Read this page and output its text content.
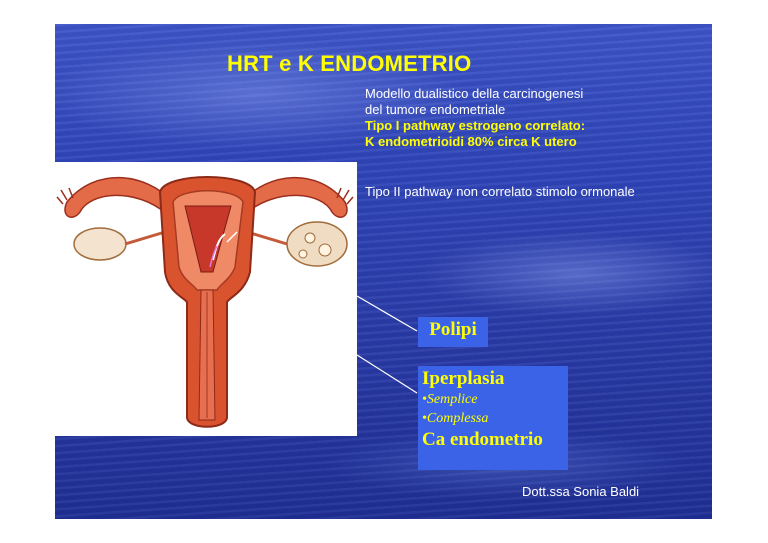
HRT e K ENDOMETRIO
Modello dualistico della carcinogenesi
del tumore endometriale
Tipo I pathway estrogeno correlato:
K endometrioidi 80% circa K utero
Tipo II pathway non correlato stimolo ormonale
Polipi
Iperplasia
•Semplice
•Complessa
Ca endometrio
Dott.ssa Sonia Baldi
